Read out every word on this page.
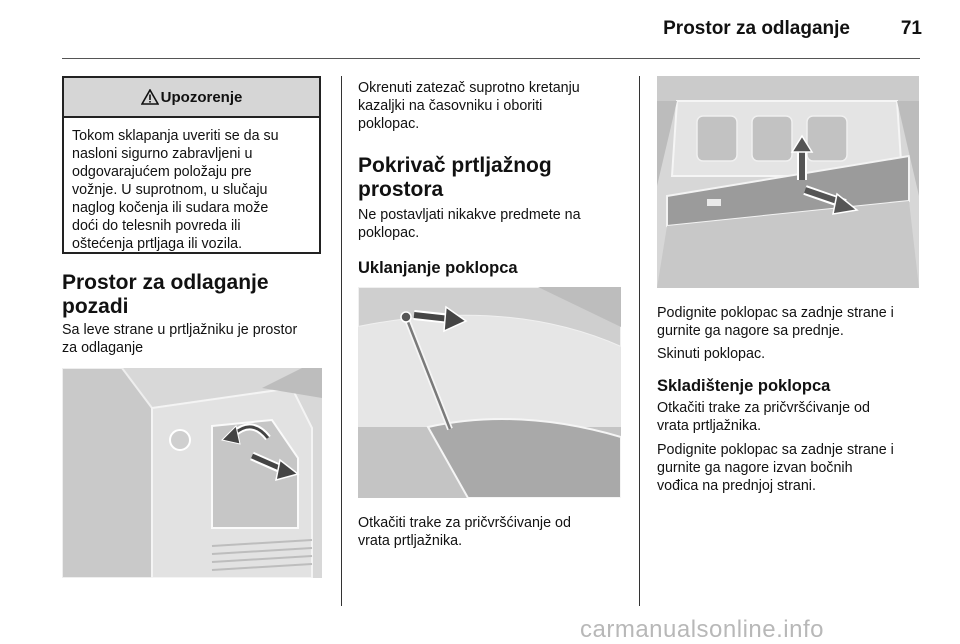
Prostor za odlaganje	71
Upozorenje
Tokom sklapanja uveriti se da su
nasloni sigurno zabravljeni u
odgovarajućem položaju pre
vožnje. U suprotnom, u slučaju
naglog kočenja ili sudara može
doći do telesnih povreda ili
oštećenja prtljaga ili vozila.
Prostor za odlaganje
pozadi
Sa leve strane u prtljažniku je prostor
za odlaganje
Okrenuti zatezač suprotno kretanju
kazaljki na časovniku i oboriti
poklopac.
Pokrivač prtljažnog
prostora
Ne postavljati nikakve predmete na
poklopac.
Uklanjanje poklopca
Otkačiti trake za pričvršćivanje od
vrata prtljažnika.
Podignite poklopac sa zadnje strane i
gurnite ga nagore sa prednje.
Skinuti poklopac.
Skladištenje poklopca
Otkačiti trake za pričvršćivanje od
vrata prtljažnika.
Podignite poklopac sa zadnje strane i
gurnite ga nagore izvan bočnih
vođica na prednjoj strani.
carmanualsonline.info
